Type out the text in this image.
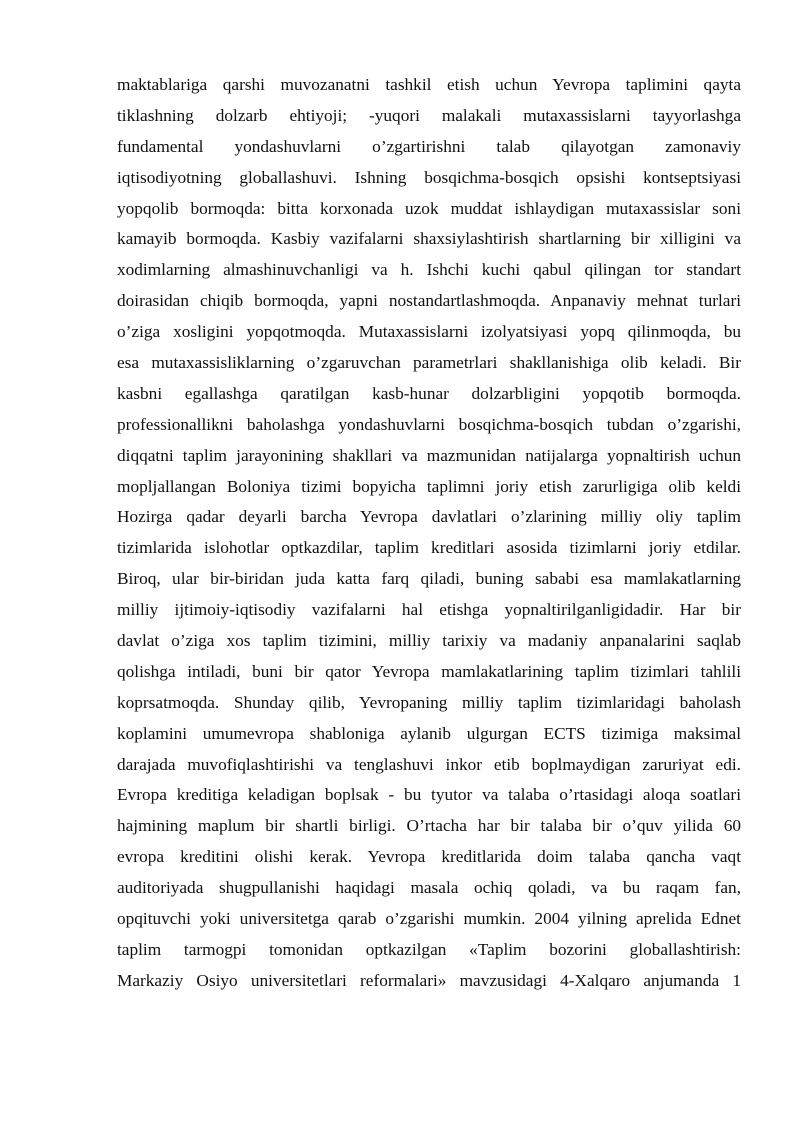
maktablariga qarshi muvozanatni tashkil etish uchun Yevropa taplimini qayta
tiklashning dolzarb ehtiyoji; -yuqori malakali mutaxassislarni tayyorlashga
fundamental yondashuvlarni o’zgartirishni talab qilayotgan zamonaviy
iqtisodiyotning globallashuvi. Ishning bosqichma-bosqich opsishi kontseptsiyasi
yopqolib bormoqda: bitta korxonada uzok muddat ishlaydigan mutaxassislar soni
kamayib bormoqda. Kasbiy vazifalarni shaxsiylashtirish shartlarning bir xilligini va
xodimlarning almashinuvchanligi va h. Ishchi kuchi qabul qilingan tor standart
doirasidan chiqib bormoqda, yapni nostandartlashmoqda. Anpanaviy mehnat turlari
o’ziga xosligini yopqotmoqda. Mutaxassislarni izolyatsiyasi yopq qilinmoqda, bu
esa mutaxassisliklarning o’zgaruvchan parametrlari shakllanishiga olib keladi. Bir
kasbni egallashga qaratilgan kasb-hunar dolzarbligini yopqotib bormoqda.
professionallikni baholashga yondashuvlarni bosqichma-bosqich tubdan o’zgarishi,
diqqatni taplim jarayonining shakllari va mazmunidan natijalarga yopnaltirish uchun
mopljallangan Boloniya tizimi bopyicha taplimni joriy etish zarurligiga olib keldi
Hozirga qadar deyarli barcha Yevropa davlatlari o’zlarining milliy oliy taplim
tizimlarida islohotlar optkazdilar, taplim kreditlari asosida tizimlarni joriy etdilar.
Biroq, ular bir-biridan juda katta farq qiladi, buning sababi esa mamlakatlarning
milliy ijtimoiy-iqtisodiy vazifalarni hal etishga yopnaltirilganligidadir. Har bir
davlat o’ziga xos taplim tizimini, milliy tarixiy va madaniy anpanalarini saqlab
qolishga intiladi, buni bir qator Yevropa mamlakatlarining taplim tizimlari tahlili
koprsatmoqda. Shunday qilib, Yevropaning milliy taplim tizimlaridagi baholash
koplamini umumevropa shabloniga aylanib ulgurgan ECTS tizimiga maksimal
darajada muvofiqlashtirishi va tenglashuvi inkor etib boplmaydigan zaruriyat edi.
Evropa kreditiga keladigan boplsak - bu tyutor va talaba o’rtasidagi aloqa soatlari
hajmining maplum bir shartli birligi. O’rtacha har bir talaba bir o’quv yilida 60
evropa kreditini olishi kerak. Yevropa kreditlarida doim talaba qancha vaqt
auditoriyada shugpullanishi haqidagi masala ochiq qoladi, va bu raqam fan,
opqituvchi yoki universitetga qarab o’zgarishi mumkin. 2004 yilning aprelida Ednet
taplim tarmogpi tomonidan optkazilgan «Taplim bozorini globallashtirish:
Markaziy Osiyo universitetlari reformalari» mavzusidagi 4-Xalqaro anjumanda 1
